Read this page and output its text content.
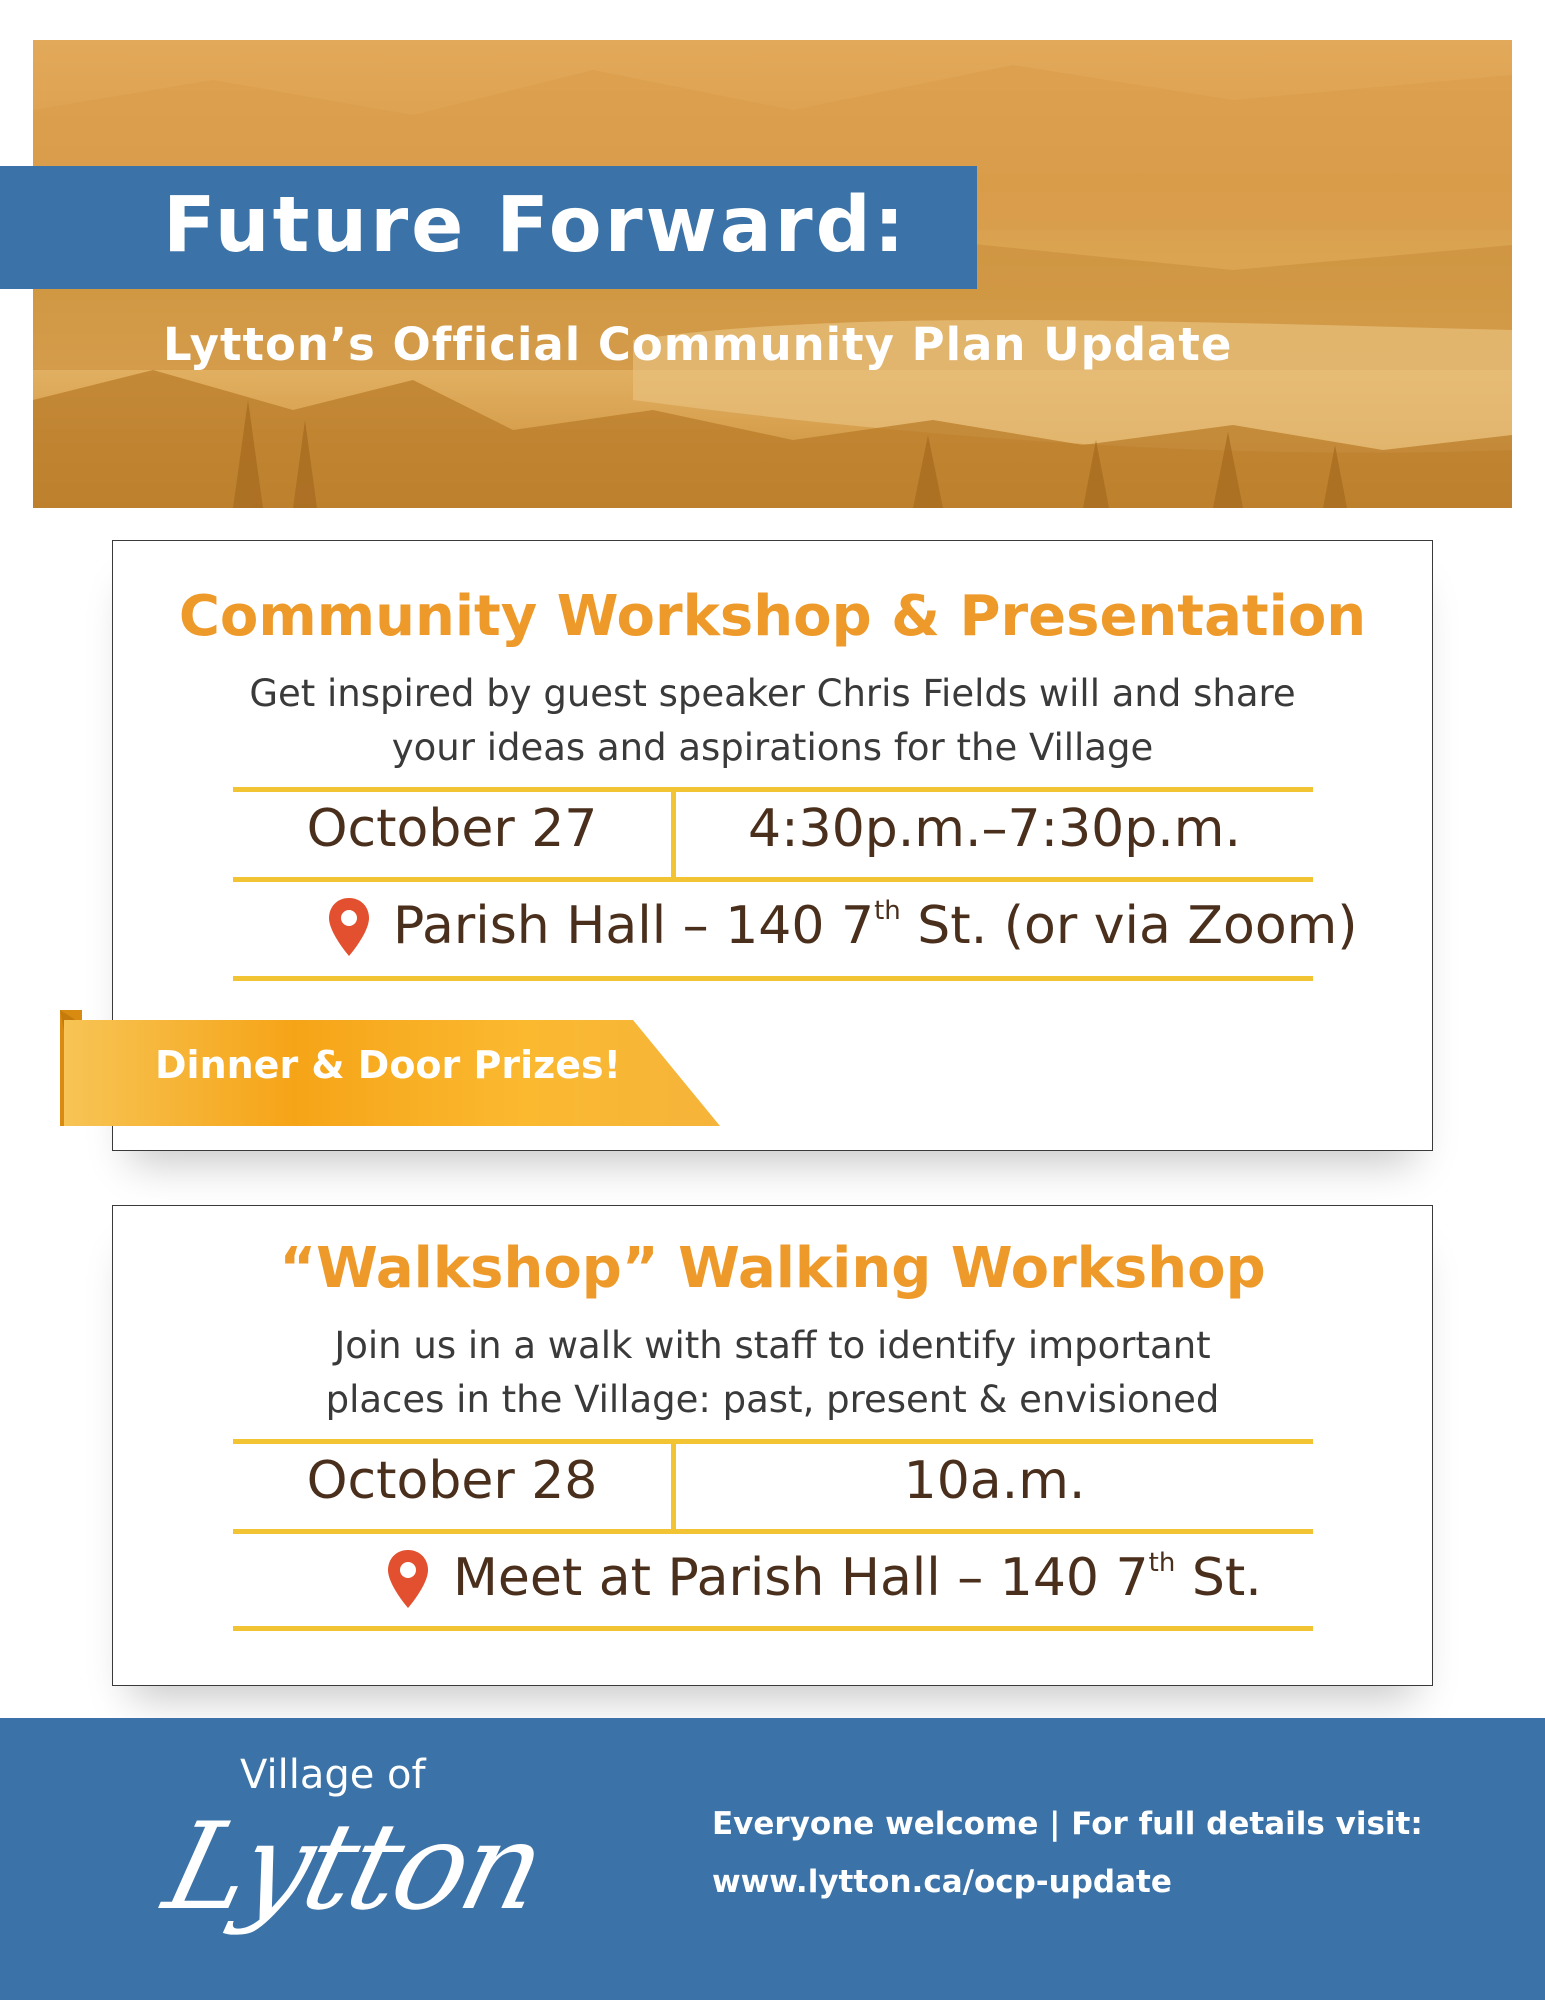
Future Forward:
Lytton’s Official Community Plan Update
Community Workshop & Presentation
Get inspired by guest speaker Chris Fields will and share
your ideas and aspirations for the Village
October 27	4:30p.m.–7:30p.m.
Parish Hall – 140 7th St. (or via Zoom)
Dinner & Door Prizes!
“Walkshop” Walking Workshop
Join us in a walk with staff to identify important
places in the Village: past, present & envisioned
October 28	10a.m.
Meet at Parish Hall – 140 7th St.
Village of
Lytton	Everyone welcome | For full details visit:
www.lytton.ca/ocp-update
